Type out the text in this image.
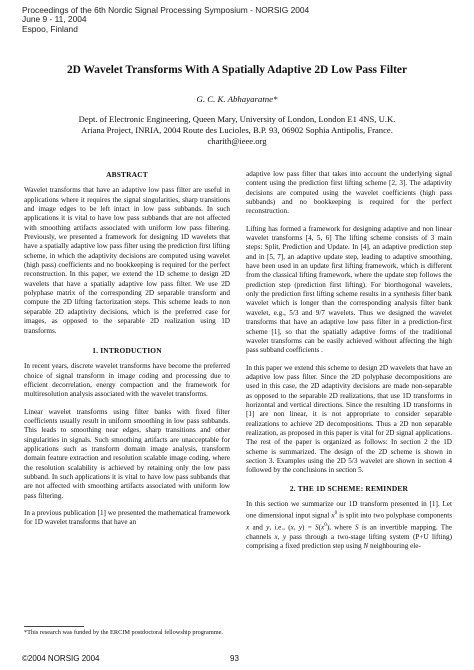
Proceedings of the 6th Nordic Signal Processing Symposium - NORSIG 2004
June 9 - 11, 2004
Espoo, Finland
2D Wavelet Transforms With A Spatially Adaptive 2D Low Pass Filter
G. C. K. Abhayaratne*
Dept. of Electronic Engineering, Queen Mary, University of London, London E1 4NS, U.K.
Ariana Project, INRIA, 2004 Route des Lucioles, B.P. 93, 06902 Sophia Antipolis, France.
charith@ieee.org
ABSTRACT

Wavelet transforms that have an adaptive low pass filter are useful in applications where it requires the signal singularities, sharp transitions and image edges to be left intact in low pass subbands. In such applications it is vital to have low pass subbands that are not affected with smoothing artifacts associated with uniform low pass filtering. Previously, we presented a framework for designing 1D wavelets that have a spatially adaptive low pass filter using the prediction first lifting scheme, in which the adaptivity decisions are computed using wavelet (high pass) coefficients and no bookkeeping is required for the perfect reconstruction. In this paper, we extend the 1D scheme to design 2D wavelets that have a spatially adaptive low pass filter. We use 2D polyphase matrix of the corresponding 2D separable transform and compute the 2D lifting factorization steps. This scheme leads to non separable 2D adaptivity decisions, which is the preferred case for images, as opposed to the separable 2D realization using 1D transforms.

1. INTRODUCTION

In recent years, discrete wavelet transforms have become the preferred choice of signal transform in image coding and processing due to efficient decorrelation, energy compaction and the framework for multiresolution analysis associated with the wavelet transforms.

Linear wavelet transforms using filter banks with fixed filter coefficients usually result in uniform smoothing in low pass subbands. This leads to smoothing near edges, sharp transitions and other singularities in signals. Such smoothing artifacts are unacceptable for applications such as transform domain image analysis, transform domain feature extraction and resolution scalable image coding, where the resolution scalability is achieved by retaining only the low pass subband. In such applications it is vital to have low pass subbands that are not affected with smoothing artifacts associated with uniform low pass filtering.

In a previous publication [1] we presented the mathematical framework for 1D wavelet transforms that have an

adaptive low pass filter that takes into account the underlying signal content using the prediction first lifting scheme [2, 3]. The adaptivity decisions are computed using the wavelet coefficients (high pass subbands) and no bookkeeping is required for the perfect reconstruction.

Lifting has formed a framework for designing adaptive and non linear wavelet transforms [4, 5, 6] The lifting scheme consists of 3 main steps: Split, Prediction and Update. In [4], an adaptive prediction step and in [5, 7], an adaptive update step, leading to adaptive smoothing, have been used in an update first lifting framework, which is different from the classical lifting framework, where the update step follows the prediction step (prediction first lifting). For biorthogonal wavelets, only the prediction first lifting scheme results in a synthesis filter bank wavelet which is longer than the corresponding analysis filter bank wavelet, e.g., 5/3 and 9/7 wavelets. Thus we designed the wavelet transforms that have an adaptive low pass filter in a prediction-first scheme [1], so that the spatially adaptive forms of the traditional wavelet transforms can be easily achieved without affecting the high pass subband coefficients .

In this paper we extend this scheme to design 2D wavelets that have an adaptive low pass filter. Since the 2D polyphase decompositions are used in this case, the 2D adaptivity decisions are made non-separable as opposed to the separable 2D realizations, that use 1D transforms in horizontal and vertical directions. Since the resulting 1D transforms in [1] are non linear, it is not appropriate to consider separable realizations to achieve 2D decompositions. Thus a 2D non separable realization, as proposed in this paper is vital for 2D signal applications. The rest of the paper is organized as follows: In section 2 the 1D scheme is summarized. The design of the 2D scheme is shown in section 3. Examples using the 2D 5/3 wavelet are shown in section 4 followed by the conclusions in section 5.

2. THE 1D SCHEME: REMINDER

In this section we summarize our 1D transform presented in [1]. Let one dimensional input signal $x^0$ is split into two polyphase components x and y, i.e., (x, $y) = S(x^0)$, where S is an invertible mapping. The channels x, y pass through a two-stage lifting system (P+U lifting) comprising a fixed prediction step using N neighbouring ele-

*This research was funded by the ERCIM postdoctoral fellowship programme.
©2004 NORSIG 2004	93
